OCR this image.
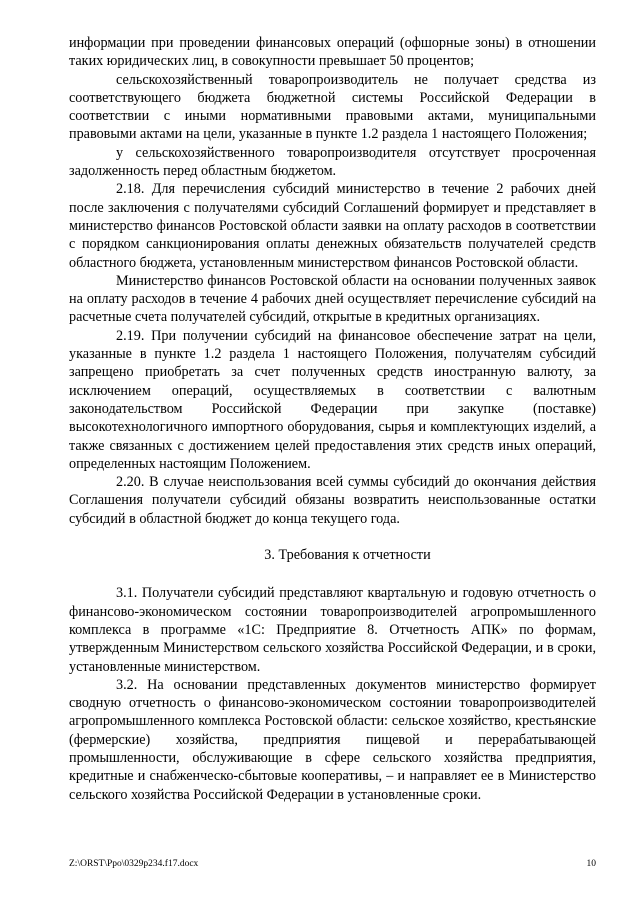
информации при проведении финансовых операций (офшорные зоны) в отношении таких юридических лиц, в совокупности превышает 50 процентов;

сельскохозяйственный товаропроизводитель не получает средства из соответствующего бюджета бюджетной системы Российской Федерации в соответствии с иными нормативными правовыми актами, муниципальными правовыми актами на цели, указанные в пункте 1.2 раздела 1 настоящего Положения;

у сельскохозяйственного товаропроизводителя отсутствует просроченная задолженность перед областным бюджетом.

2.18. Для перечисления субсидий министерство в течение 2 рабочих дней после заключения с получателями субсидий Соглашений формирует и представляет в министерство финансов Ростовской области заявки на оплату расходов в соответствии с порядком санкционирования оплаты денежных обязательств получателей средств областного бюджета, установленным министерством финансов Ростовской области.

Министерство финансов Ростовской области на основании полученных заявок на оплату расходов в течение 4 рабочих дней осуществляет перечисление субсидий на расчетные счета получателей субсидий, открытые в кредитных организациях.

2.19. При получении субсидий на финансовое обеспечение затрат на цели, указанные в пункте 1.2 раздела 1 настоящего Положения, получателям субсидий запрещено приобретать за счет полученных средств иностранную валюту, за исключением операций, осуществляемых в соответствии с валютным законодательством Российской Федерации при закупке (поставке) высокотехнологичного импортного оборудования, сырья и комплектующих изделий, а также связанных с достижением целей предоставления этих средств иных операций, определенных настоящим Положением.

2.20. В случае неиспользования всей суммы субсидий до окончания действия Соглашения получатели субсидий обязаны возвратить неиспользованные остатки субсидий в областной бюджет до конца текущего года.

3. Требования к отчетности

3.1. Получатели субсидий представляют квартальную и годовую отчетность о финансово-экономическом состоянии товаропроизводителей агропромышленного комплекса в программе «1С: Предприятие 8. Отчетность АПК» по формам, утвержденным Министерством сельского хозяйства Российской Федерации, и в сроки, установленные министерством.

3.2. На основании представленных документов министерство формирует сводную отчетность о финансово-экономическом состоянии товаропроизводителей агропромышленного комплекса Ростовской области: сельское хозяйство, крестьянские (фермерские) хозяйства, предприятия пищевой и перерабатывающей промышленности, обслуживающие в сфере сельского хозяйства предприятия, кредитные и снабженческо-сбытовые кооперативы, – и направляет ее в Министерство сельского хозяйства Российской Федерации в установленные сроки.

Z:\ORST\Ppo\0329p234.f17.docx	10
